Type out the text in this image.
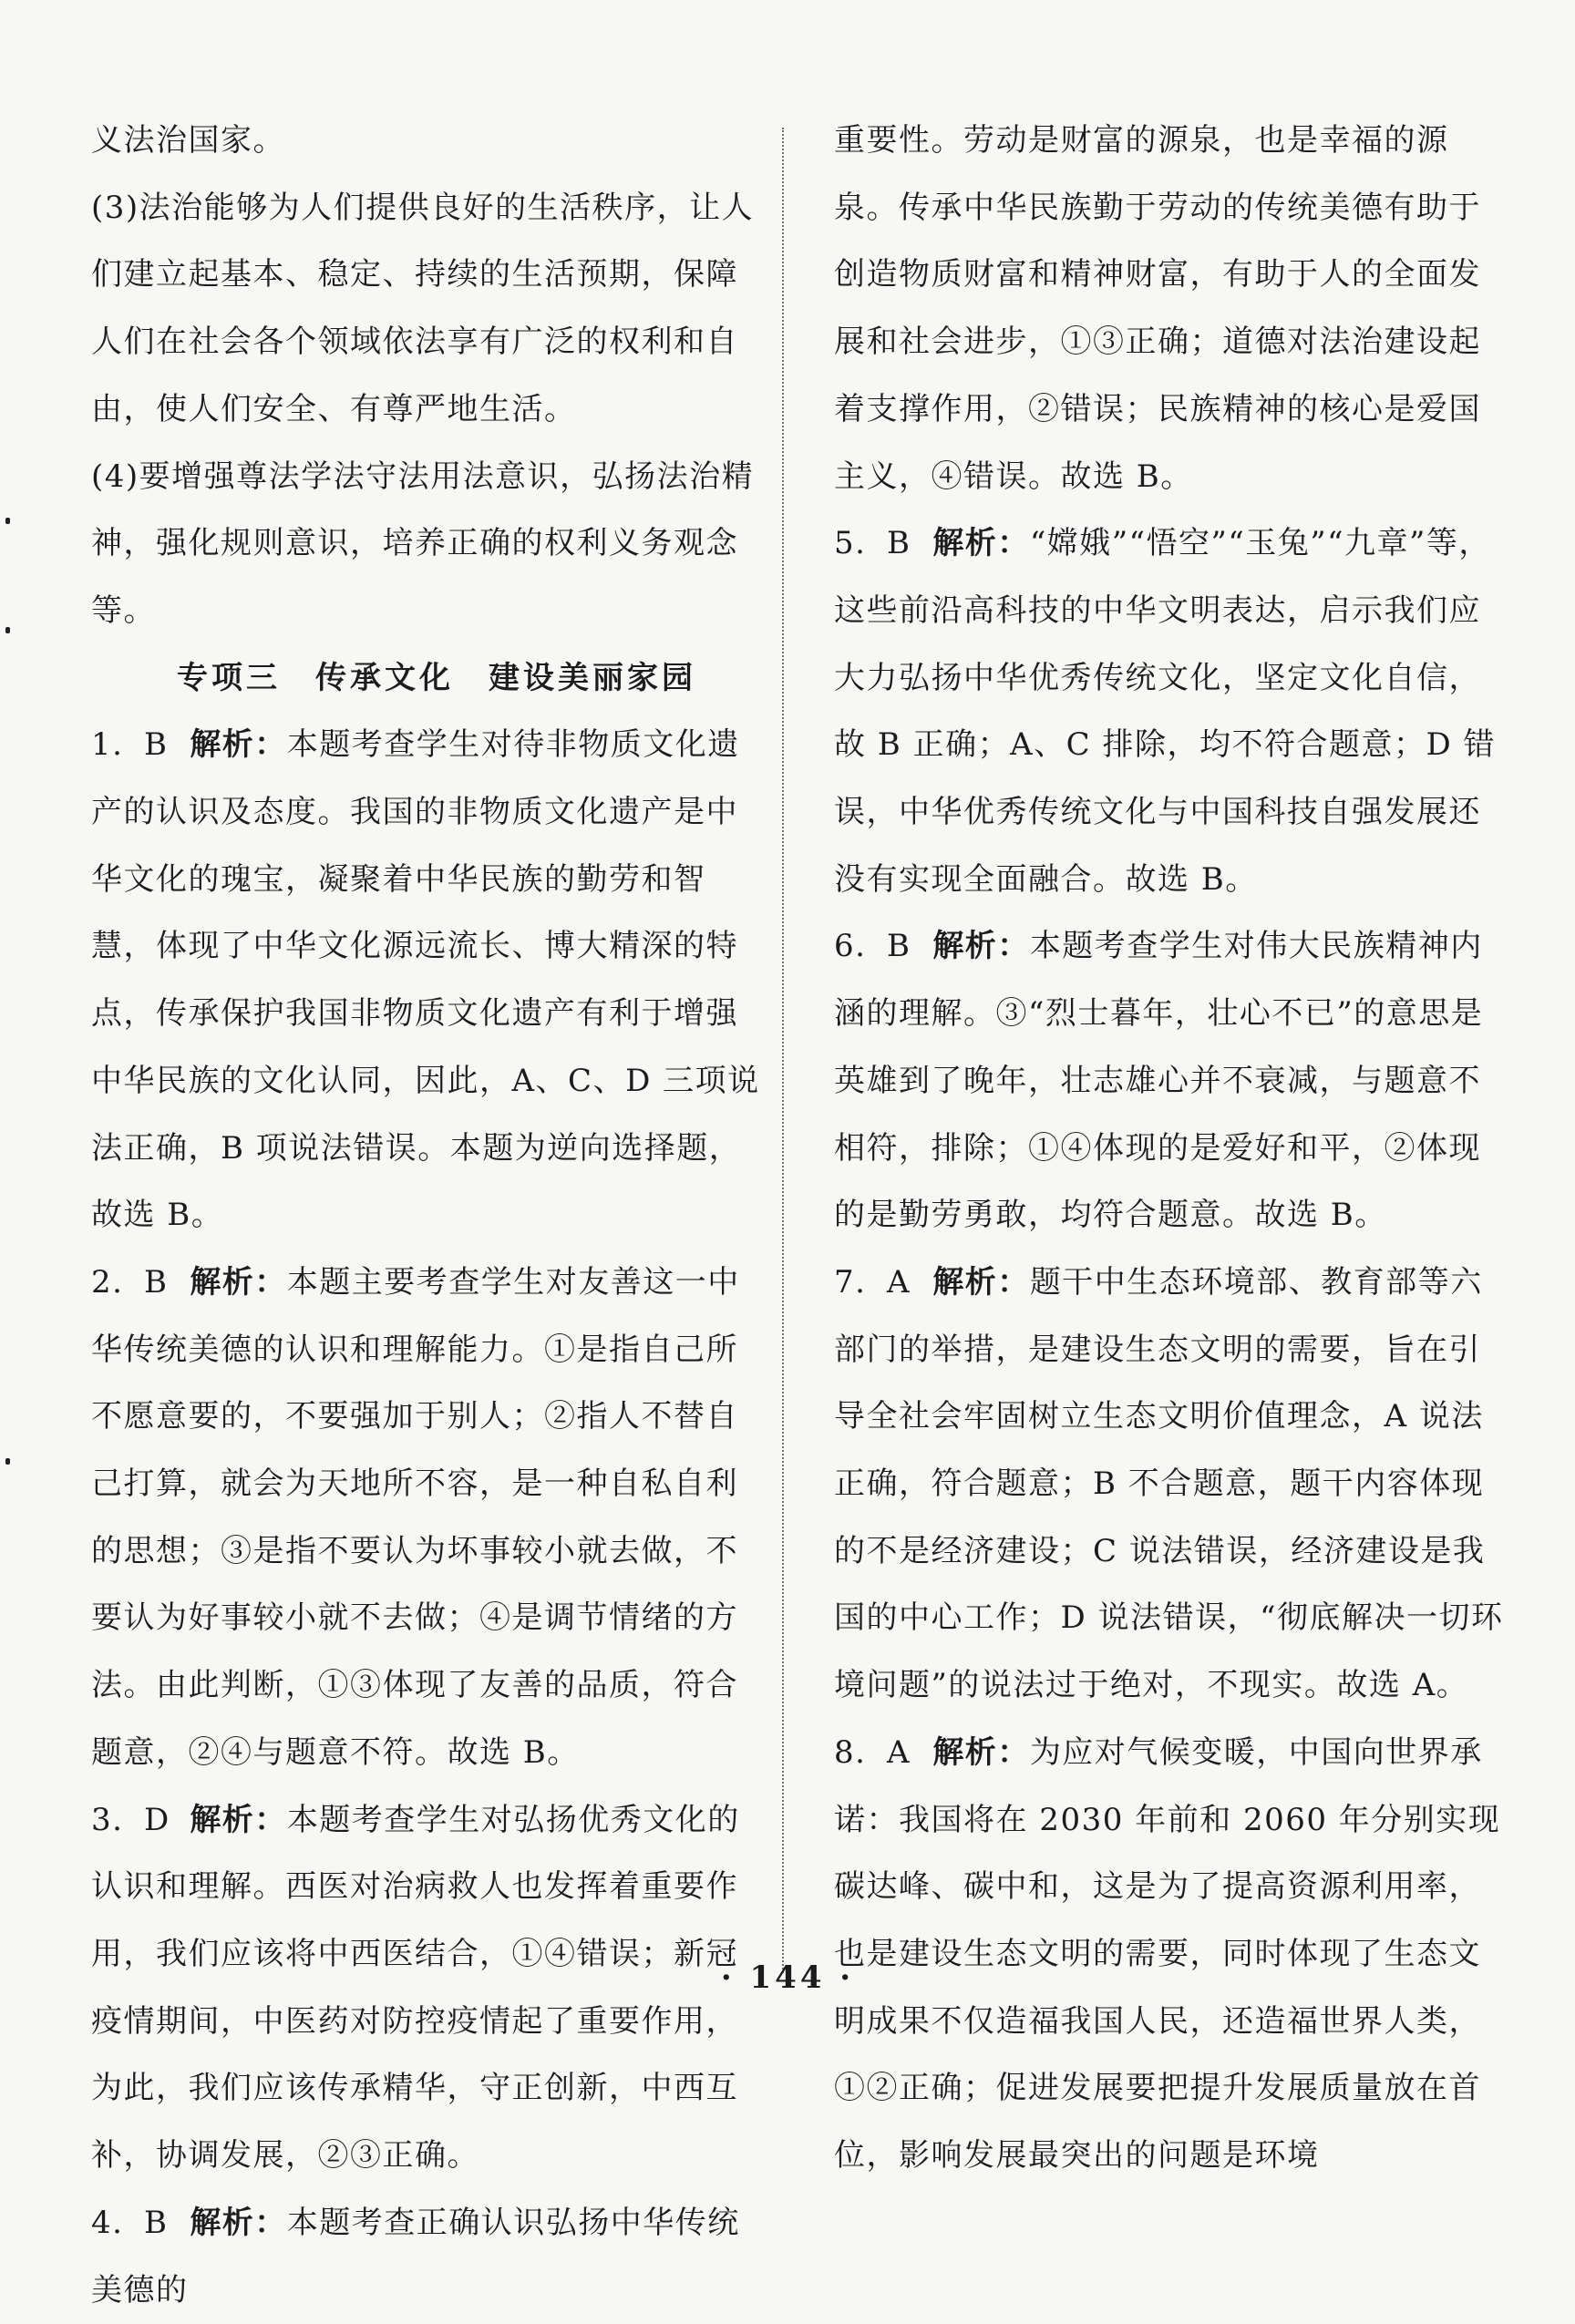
义法治国家。

(3)法治能够为人们提供良好的生活秩序，让人们建立起基本、稳定、持续的生活预期，保障人们在社会各个领域依法享有广泛的权利和自由，使人们安全、有尊严地生活。

(4)要增强尊法学法守法用法意识，弘扬法治精神，强化规则意识，培养正确的权利义务观念等。

专项三　传承文化　建设美丽家园

1. B 解析：本题考查学生对待非物质文化遗产的认识及态度。我国的非物质文化遗产是中华文化的瑰宝，凝聚着中华民族的勤劳和智慧，体现了中华文化源远流长、博大精深的特点，传承保护我国非物质文化遗产有利于增强中华民族的文化认同，因此，A、C、D 三项说法正确，B 项说法错误。本题为逆向选择题，故选 B。

2. B 解析：本题主要考查学生对友善这一中华传统美德的认识和理解能力。①是指自己所不愿意要的，不要强加于别人；②指人不替自己打算，就会为天地所不容，是一种自私自利的思想；③是指不要认为坏事较小就去做，不要认为好事较小就不去做；④是调节情绪的方法。由此判断，①③体现了友善的品质，符合题意，②④与题意不符。故选 B。

3. D 解析：本题考查学生对弘扬优秀文化的认识和理解。西医对治病救人也发挥着重要作用，我们应该将中西医结合，①④错误；新冠疫情期间，中医药对防控疫情起了重要作用，为此，我们应该传承精华，守正创新，中西互补，协调发展，②③正确。

4. B 解析：本题考查正确认识弘扬中华传统美德的

重要性。劳动是财富的源泉，也是幸福的源泉。传承中华民族勤于劳动的传统美德有助于创造物质财富和精神财富，有助于人的全面发展和社会进步，①③正确；道德对法治建设起着支撑作用，②错误；民族精神的核心是爱国主义，④错误。故选 B。

5. B 解析：“嫦娥”“悟空”“玉兔”“九章”等，这些前沿高科技的中华文明表达，启示我们应大力弘扬中华优秀传统文化，坚定文化自信，故 B 正确；A、C 排除，均不符合题意；D 错误，中华优秀传统文化与中国科技自强发展还没有实现全面融合。故选 B。

6. B 解析：本题考查学生对伟大民族精神内涵的理解。③“烈士暮年，壮心不已”的意思是英雄到了晚年，壮志雄心并不衰减，与题意不相符，排除；①④体现的是爱好和平，②体现的是勤劳勇敢，均符合题意。故选 B。

7. A 解析：题干中生态环境部、教育部等六部门的举措，是建设生态文明的需要，旨在引导全社会牢固树立生态文明价值理念，A 说法正确，符合题意；B 不合题意，题干内容体现的不是经济建设；C 说法错误，经济建设是我国的中心工作；D 说法错误，“彻底解决一切环境问题”的说法过于绝对，不现实。故选 A。

8. A 解析：为应对气候变暖，中国向世界承诺：我国将在 2030 年前和 2060 年分别实现碳达峰、碳中和，这是为了提高资源利用率，也是建设生态文明的需要，同时体现了生态文明成果不仅造福我国人民，还造福世界人类，①②正确；促进发展要把提升发展质量放在首位，影响发展最突出的问题是环境

· 144 ·
